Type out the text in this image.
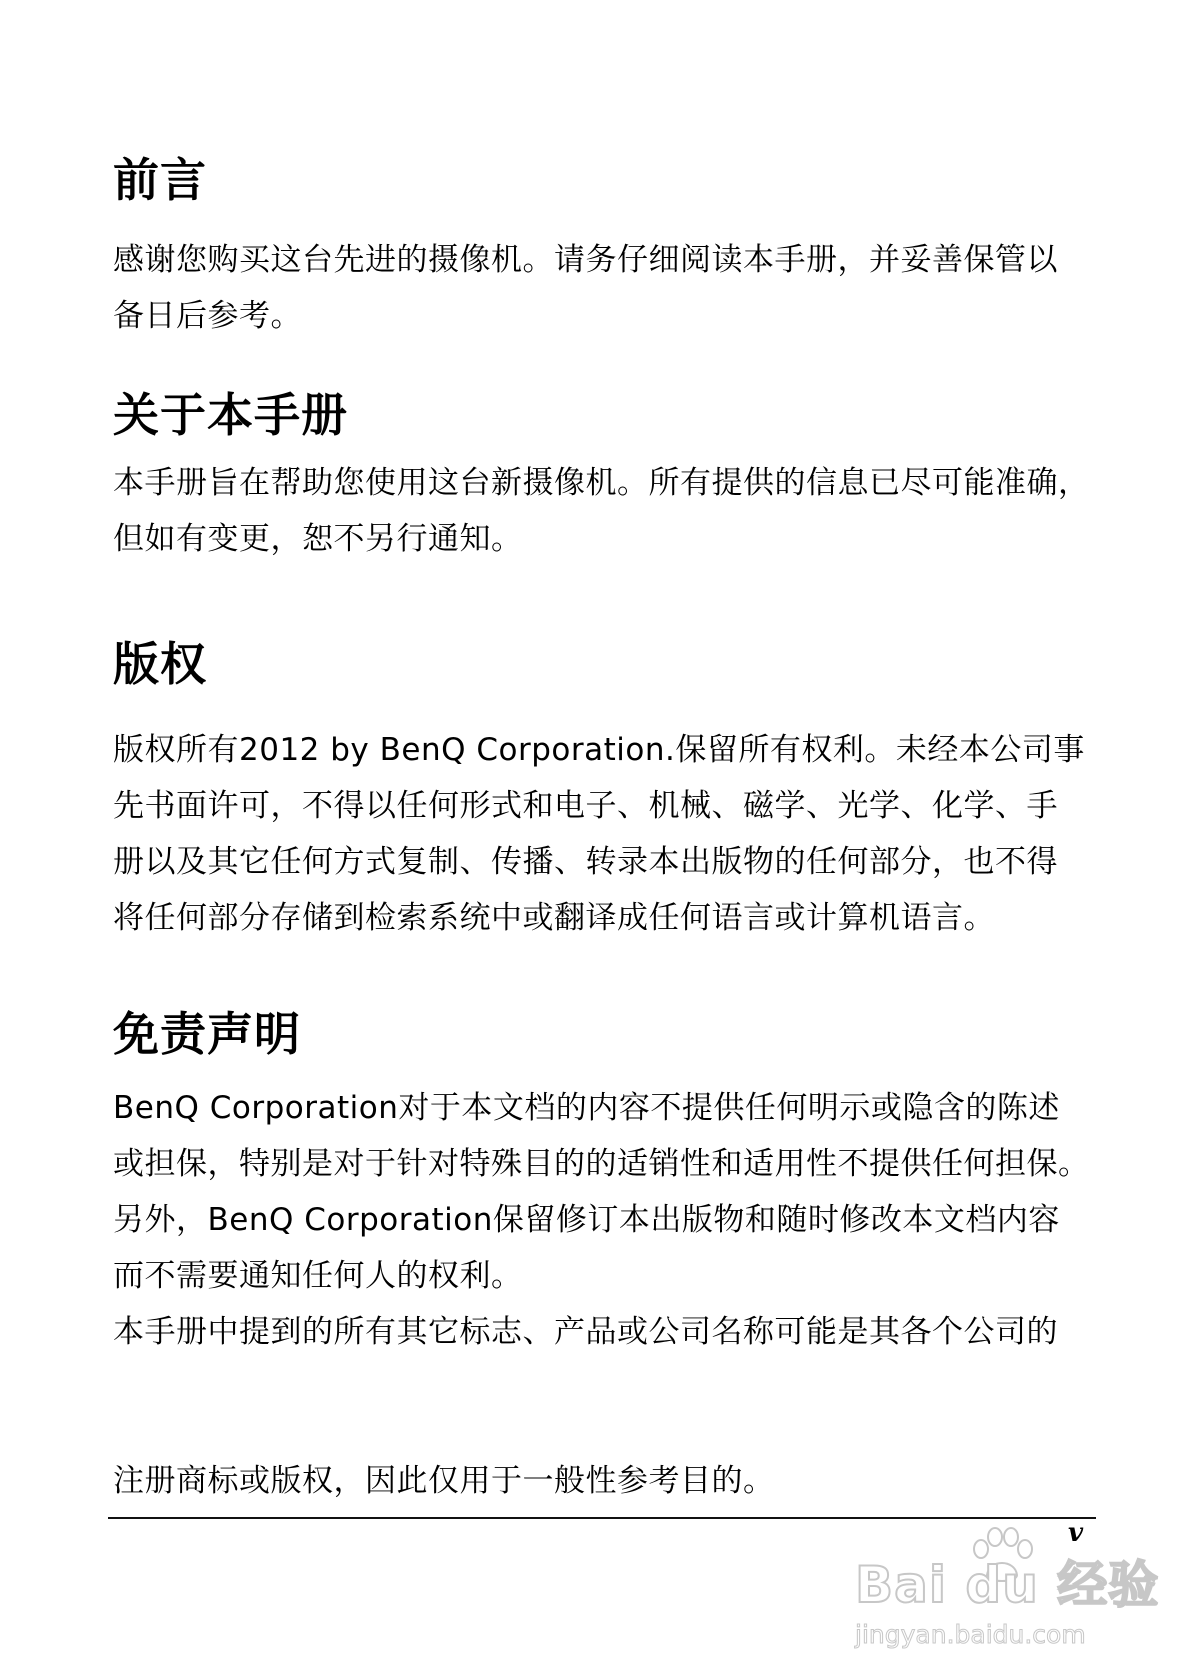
前言

感谢您购买这台先进的摄像机。请务仔细阅读本手册，并妥善保管以
备日后参考。

关于本手册

本手册旨在帮助您使用这台新摄像机。所有提供的信息已尽可能准确，
但如有变更，恕不另行通知。

版权

版权所有2012 by BenQ Corporation.保留所有权利。未经本公司事
先书面许可，不得以任何形式和电子、机械、磁学、光学、化学、手
册以及其它任何方式复制、传播、转录本出版物的任何部分，也不得
将任何部分存储到检索系统中或翻译成任何语言或计算机语言。

免责声明

BenQ Corporation对于本文档的内容不提供任何明示或隐含的陈述
或担保，特别是对于针对特殊目的的适销性和适用性不提供任何担保。
另外，BenQ Corporation保留修订本出版物和随时修改本文档内容
而不需要通知任何人的权利。
本手册中提到的所有其它标志、产品或公司名称可能是其各个公司的

注册商标或版权，因此仅用于一般性参考目的。

v
Bai du 经验
jingyan.baidu.com
